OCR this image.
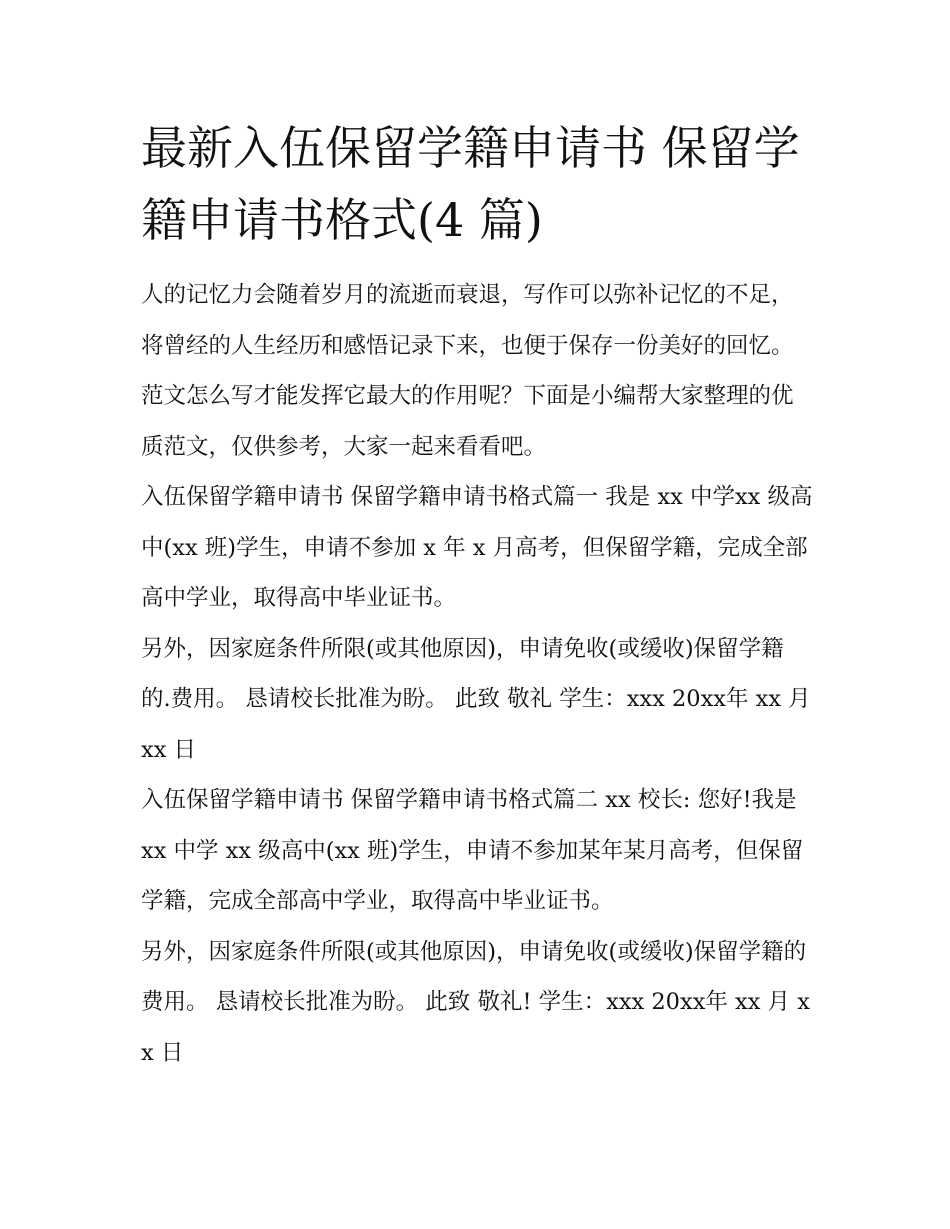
最新入伍保留学籍申请书 保留学籍申请书格式(4 篇)

人的记忆力会随着岁月的流逝而衰退，写作可以弥补记忆的不足，将曾经的人生经历和感悟记录下来，也便于保存一份美好的回忆。范文怎么写才能发挥它最大的作用呢？下面是小编帮大家整理的优质范文，仅供参考，大家一起来看看吧。

入伍保留学籍申请书 保留学籍申请书格式篇一 我是 xx 中学xx 级高中(xx 班)学生，申请不参加 x 年 x 月高考，但保留学籍，完成全部高中学业，取得高中毕业证书。

另外，因家庭条件所限(或其他原因)，申请免收(或缓收)保留学籍的.费用。 恳请校长批准为盼。 此致 敬礼 学生：xxx 20xx年 xx 月 xx 日

入伍保留学籍申请书 保留学籍申请书格式篇二 xx 校长: 您好!我是 xx 中学 xx 级高中(xx 班)学生，申请不参加某年某月高考，但保留学籍，完成全部高中学业，取得高中毕业证书。

另外，因家庭条件所限(或其他原因)，申请免收(或缓收)保留学籍的费用。 恳请校长批准为盼。 此致 敬礼! 学生：xxx 20xx年 xx 月 xx 日
